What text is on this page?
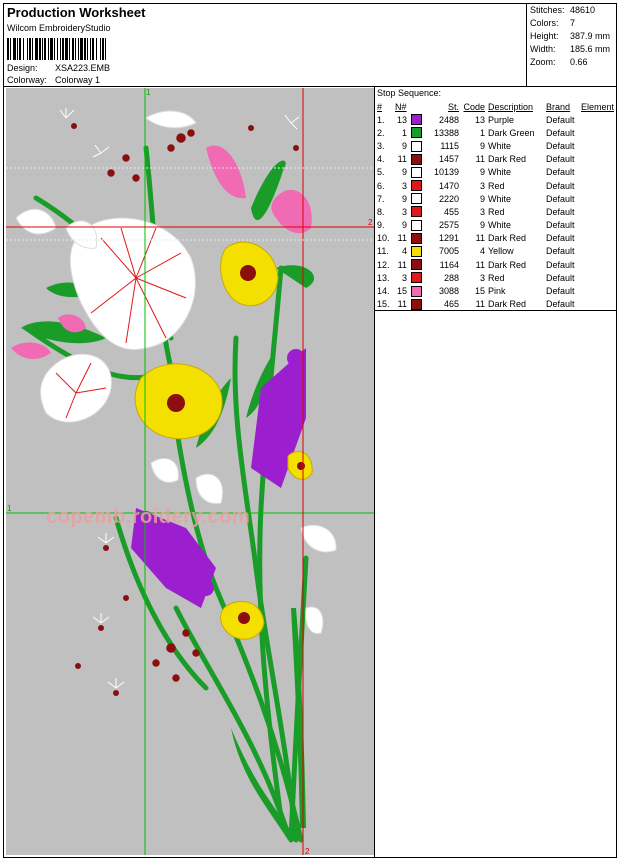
Production Worksheet
Wilcom EmbroideryStudio
Design:	XSA223.EMB
Colorway: Colorway 1
Stitches: 48610
Colors:	7
Height:	387.9 mm
Width:	185.6 mm
Zoom:	0.66
1
1
2
2
copemb.roidery.com
Stop Sequence:
#	N#		St.	Code	Description	Brand	Element
1.	13		2488	13	Purple	Default	
2.	1		13388	1	Dark Green	Default	
3.	9		1115	9	White	Default	
4.	11		1457	11	Dark Red	Default	
5.	9		10139	9	White	Default	
6.	3		1470	3	Red	Default	
7.	9		2220	9	White	Default	
8.	3		455	3	Red	Default	
9.	9		2575	9	White	Default	
10.	11		1291	11	Dark Red	Default	
11.	4		7005	4	Yellow	Default	
12.	11		1164	11	Dark Red	Default	
13.	3		288	3	Red	Default	
14.	15		3088	15	Pink	Default	
15.	11		465	11	Dark Red	Default	
